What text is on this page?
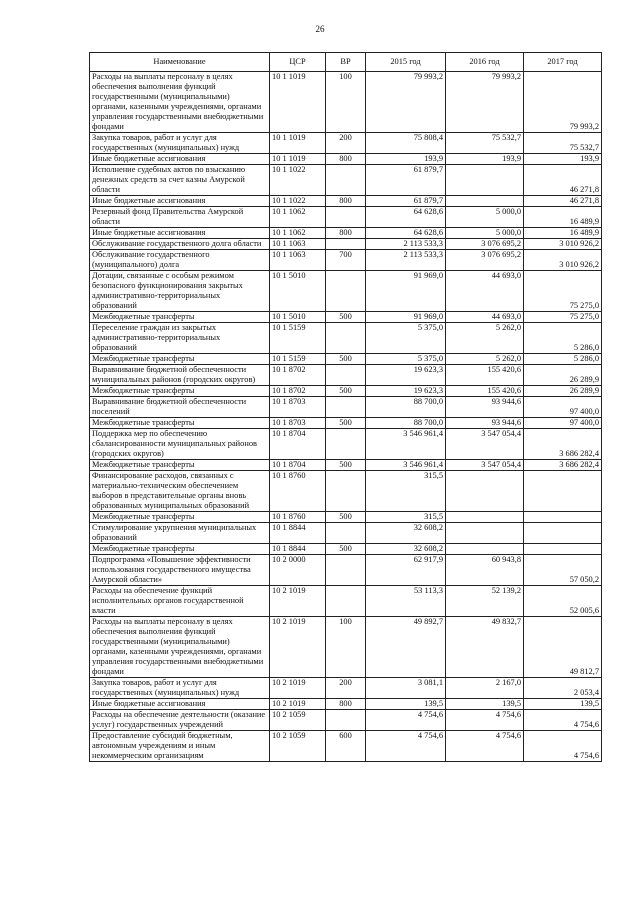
26
Наименование	ЦСР	ВР	2015 год	2016 год	2017 год
Расходы на выплаты персоналу в целях обеспечения выполнения функций государственными (муниципальными) органами, казенными учреждениями, органами управления государственными внебюджетными фондами	10 1 1019	100	79 993,2	79 993,2	79 993,2
Закупка товаров, работ и услуг для государственных (муниципальных) нужд	10 1 1019	200	75 808,4	75 532,7	75 532,7
Иные бюджетные ассигнования	10 1 1019	800	193,9	193,9	193,9
Исполнение судебных актов по взысканию денежных средств за счет казны Амурской области	10 1 1022		61 879,7		46 271,8
Иные бюджетные ассигнования	10 1 1022	800	61 879,7		46 271,8
Резервный фонд Правительства Амурской области	10 1 1062		64 628,6	5 000,0	16 489,9
Иные бюджетные ассигнования	10 1 1062	800	64 628,6	5 000,0	16 489,9
Обслуживание государственного долга области	10 1 1063		2 113 533,3	3 076 695,2	3 010 926,2
Обслуживание государственного (муниципального) долга	10 1 1063	700	2 113 533,3	3 076 695,2	3 010 926,2
Дотации, связанные с особым режимом безопасного функционирования закрытых административно-территориальных образований	10 1 5010		91 969,0	44 693,0	75 275,0
Межбюджетные трансферты	10 1 5010	500	91 969,0	44 693,0	75 275,0
Переселение граждан из закрытых административно-территориальных образований	10 1 5159		5 375,0	5 262,0	5 286,0
Межбюджетные трансферты	10 1 5159	500	5 375,0	5 262,0	5 286,0
Выравнивание бюджетной обеспеченности муниципальных районов (городских округов)	10 1 8702		19 623,3	155 420,6	26 289,9
Межбюджетные трансферты	10 1 8702	500	19 623,3	155 420,6	26 289,9
Выравнивание бюджетной обеспеченности поселений	10 1 8703		88 700,0	93 944,6	97 400,0
Межбюджетные трансферты	10 1 8703	500	88 700,0	93 944,6	97 400,0
Поддержка мер по обеспечению сбалансированности муниципальных районов (городских округов)	10 1 8704		3 546 961,4	3 547 054,4	3 686 282,4
Межбюджетные трансферты	10 1 8704	500	3 546 961,4	3 547 054,4	3 686 282,4
Финансирование расходов, связанных с материально-техническим обеспечением выборов в представительные органы вновь образованных муниципальных образований	10 1 8760		315,5		
Межбюджетные трансферты	10 1 8760	500	315,5		
Стимулирование укрупнения муниципальных образований	10 1 8844		32 608,2		
Межбюджетные трансферты	10 1 8844	500	32 608,2		
Подпрограмма «Повышение эффективности использования государственного имущества Амурской области»	10 2 0000		62 917,9	60 943,8	57 050,2
Расходы на обеспечение функций исполнительных органов государственной власти	10 2 1019		53 113,3	52 139,2	52 005,6
Расходы на выплаты персоналу в целях обеспечения выполнения функций государственными (муниципальными) органами, казенными учреждениями, органами управления государственными внебюджетными фондами	10 2 1019	100	49 892,7	49 832,7	49 812,7
Закупка товаров, работ и услуг для государственных (муниципальных) нужд	10 2 1019	200	3 081,1	2 167,0	2 053,4
Иные бюджетные ассигнования	10 2 1019	800	139,5	139,5	139,5
Расходы на обеспечение деятельности (оказание услуг) государственных учреждений	10 2 1059		4 754,6	4 754,6	4 754,6
Предоставление субсидий бюджетным, автономным учреждениям и иным некоммерческим организациям	10 2 1059	600	4 754,6	4 754,6	4 754,6
